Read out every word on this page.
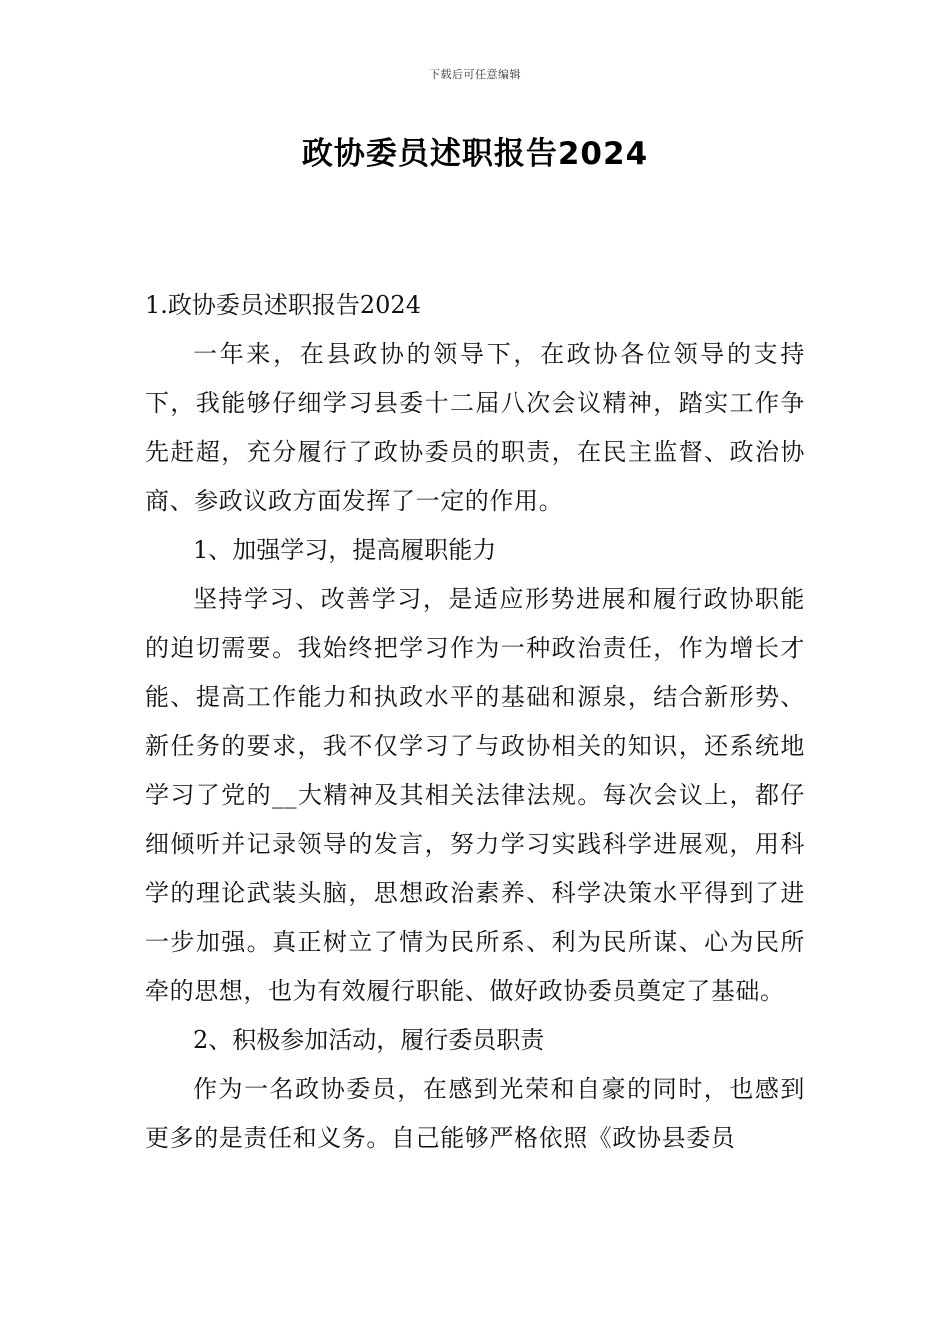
下载后可任意编辑
政协委员述职报告2024

1.政协委员述职报告2024

一年来，在县政协的领导下，在政协各位领导的支持下，我能够仔细学习县委十二届八次会议精神，踏实工作争先赶超，充分履行了政协委员的职责，在民主监督、政治协商、参政议政方面发挥了一定的作用。

1、加强学习，提高履职能力

坚持学习、改善学习，是适应形势进展和履行政协职能的迫切需要。我始终把学习作为一种政治责任，作为增长才能、提高工作能力和执政水平的基础和源泉，结合新形势、新任务的要求，我不仅学习了与政协相关的知识，还系统地学习了党的__大精神及其相关法律法规。每次会议上，都仔细倾听并记录领导的发言，努力学习实践科学进展观，用科学的理论武装头脑，思想政治素养、科学决策水平得到了进一步加强。真正树立了情为民所系、利为民所谋、心为民所牵的思想，也为有效履行职能、做好政协委员奠定了基础。

2、积极参加活动，履行委员职责

作为一名政协委员，在感到光荣和自豪的同时，也感到更多的是责任和义务。自己能够严格依照《政协县委员
